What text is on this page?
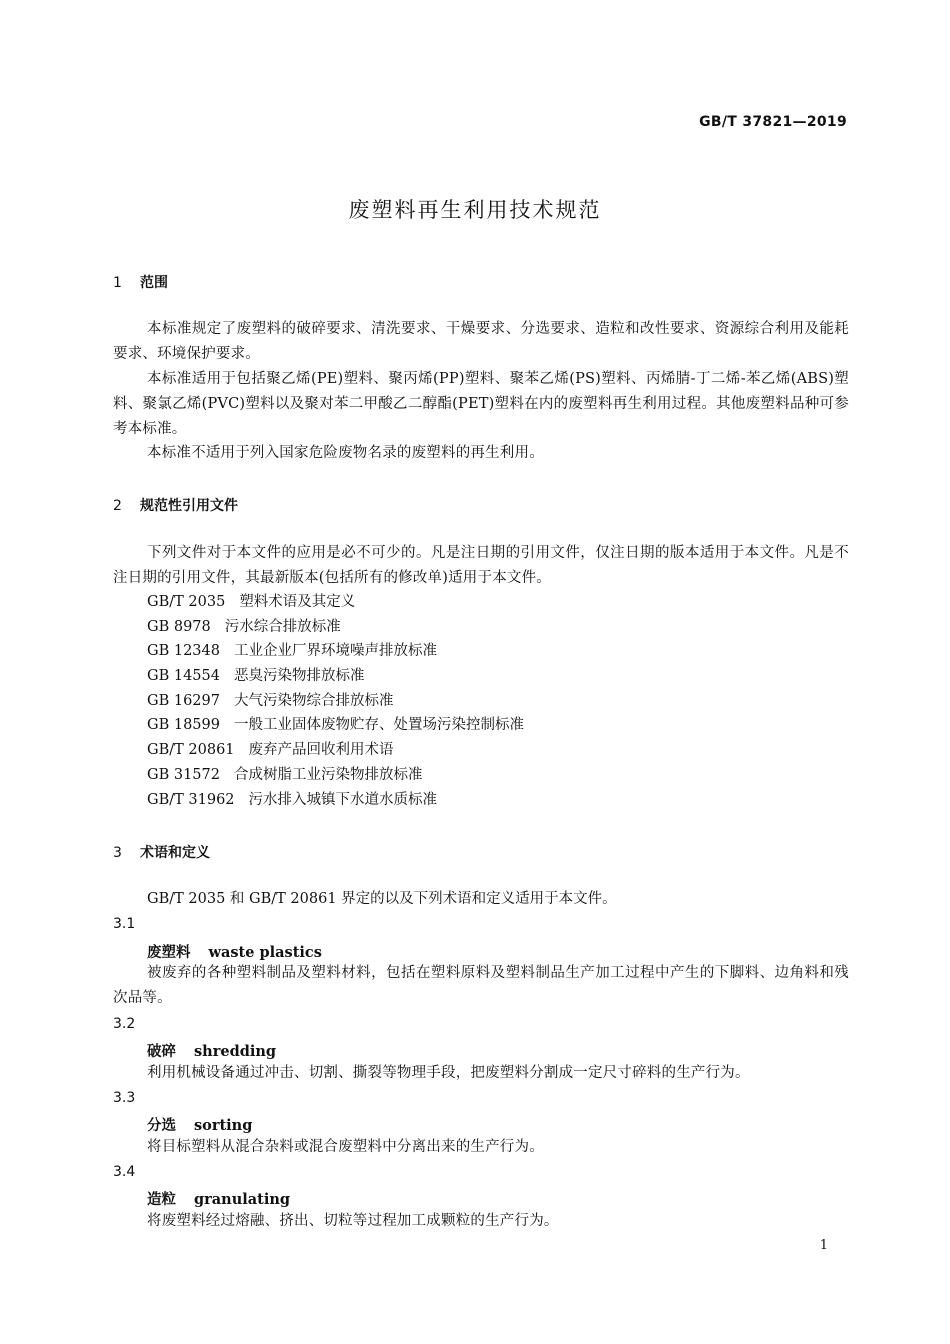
GB/T 37821—2019
废塑料再生利用技术规范
1 范围
本标准规定了废塑料的破碎要求、清洗要求、干燥要求、分选要求、造粒和改性要求、资源综合利用及能耗要求、环境保护要求。
本标准适用于包括聚乙烯(PE)塑料、聚丙烯(PP)塑料、聚苯乙烯(PS)塑料、丙烯腈-丁二烯-苯乙烯(ABS)塑料、聚氯乙烯(PVC)塑料以及聚对苯二甲酸乙二醇酯(PET)塑料在内的废塑料再生利用过程。其他废塑料品种可参考本标准。
本标准不适用于列入国家危险废物名录的废塑料的再生利用。
2 规范性引用文件
下列文件对于本文件的应用是必不可少的。凡是注日期的引用文件，仅注日期的版本适用于本文件。凡是不注日期的引用文件，其最新版本(包括所有的修改单)适用于本文件。
GB/T 2035 塑料术语及其定义
GB 8978 污水综合排放标准
GB 12348 工业企业厂界环境噪声排放标准
GB 14554 恶臭污染物排放标准
GB 16297 大气污染物综合排放标准
GB 18599 一般工业固体废物贮存、处置场污染控制标准
GB/T 20861 废弃产品回收利用术语
GB 31572 合成树脂工业污染物排放标准
GB/T 31962 污水排入城镇下水道水质标准
3 术语和定义
GB/T 2035 和 GB/T 20861 界定的以及下列术语和定义适用于本文件。
3.1
废塑料 waste plastics
被废弃的各种塑料制品及塑料材料，包括在塑料原料及塑料制品生产加工过程中产生的下脚料、边角料和残次品等。
3.2
破碎 shredding
利用机械设备通过冲击、切割、撕裂等物理手段，把废塑料分割成一定尺寸碎料的生产行为。
3.3
分选 sorting
将目标塑料从混合杂料或混合废塑料中分离出来的生产行为。
3.4
造粒 granulating
将废塑料经过熔融、挤出、切粒等过程加工成颗粒的生产行为。
1
